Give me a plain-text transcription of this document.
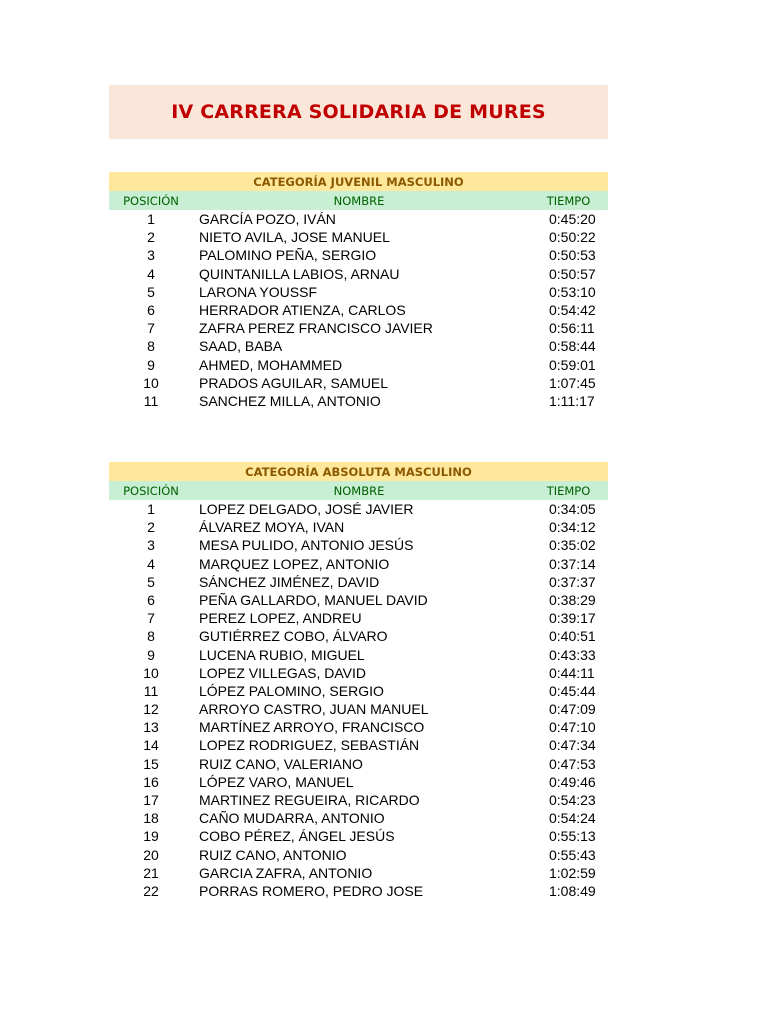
IV CARRERA SOLIDARIA DE MURES
CATEGORÍA JUVENIL MASCULINO
POSICIÓN	NOMBRE	TIEMPO
1	GARCÍA POZO, IVÁN	0:45:20
2	NIETO AVILA, JOSE MANUEL	0:50:22
3	PALOMINO PEÑA, SERGIO	0:50:53
4	QUINTANILLA LABIOS, ARNAU	0:50:57
5	LARONA YOUSSF	0:53:10
6	HERRADOR ATIENZA, CARLOS	0:54:42
7	ZAFRA PEREZ FRANCISCO JAVIER	0:56:11
8	SAAD, BABA	0:58:44
9	AHMED, MOHAMMED	0:59:01
10	PRADOS AGUILAR, SAMUEL	1:07:45
11	SANCHEZ MILLA, ANTONIO	1:11:17
CATEGORÍA ABSOLUTA MASCULINO
POSICIÓN	NOMBRE	TIEMPO
1	LOPEZ DELGADO, JOSÉ JAVIER	0:34:05
2	ÁLVAREZ MOYA, IVAN	0:34:12
3	MESA PULIDO, ANTONIO JESÚS	0:35:02
4	MARQUEZ LOPEZ, ANTONIO	0:37:14
5	SÁNCHEZ JIMÉNEZ, DAVID	0:37:37
6	PEÑA GALLARDO, MANUEL DAVID	0:38:29
7	PEREZ LOPEZ, ANDREU	0:39:17
8	GUTIÉRREZ COBO, ÁLVARO	0:40:51
9	LUCENA RUBIO, MIGUEL	0:43:33
10	LOPEZ VILLEGAS, DAVID	0:44:11
11	LÓPEZ PALOMINO, SERGIO	0:45:44
12	ARROYO CASTRO, JUAN MANUEL	0:47:09
13	MARTÍNEZ ARROYO, FRANCISCO	0:47:10
14	LOPEZ RODRIGUEZ, SEBASTIÁN	0:47:34
15	RUIZ CANO, VALERIANO	0:47:53
16	LÓPEZ VARO, MANUEL	0:49:46
17	MARTINEZ REGUEIRA, RICARDO	0:54:23
18	CAÑO MUDARRA, ANTONIO	0:54:24
19	COBO PÉREZ, ÁNGEL JESÚS	0:55:13
20	RUIZ CANO, ANTONIO	0:55:43
21	GARCIA ZAFRA, ANTONIO	1:02:59
22	PORRAS ROMERO, PEDRO JOSE	1:08:49
